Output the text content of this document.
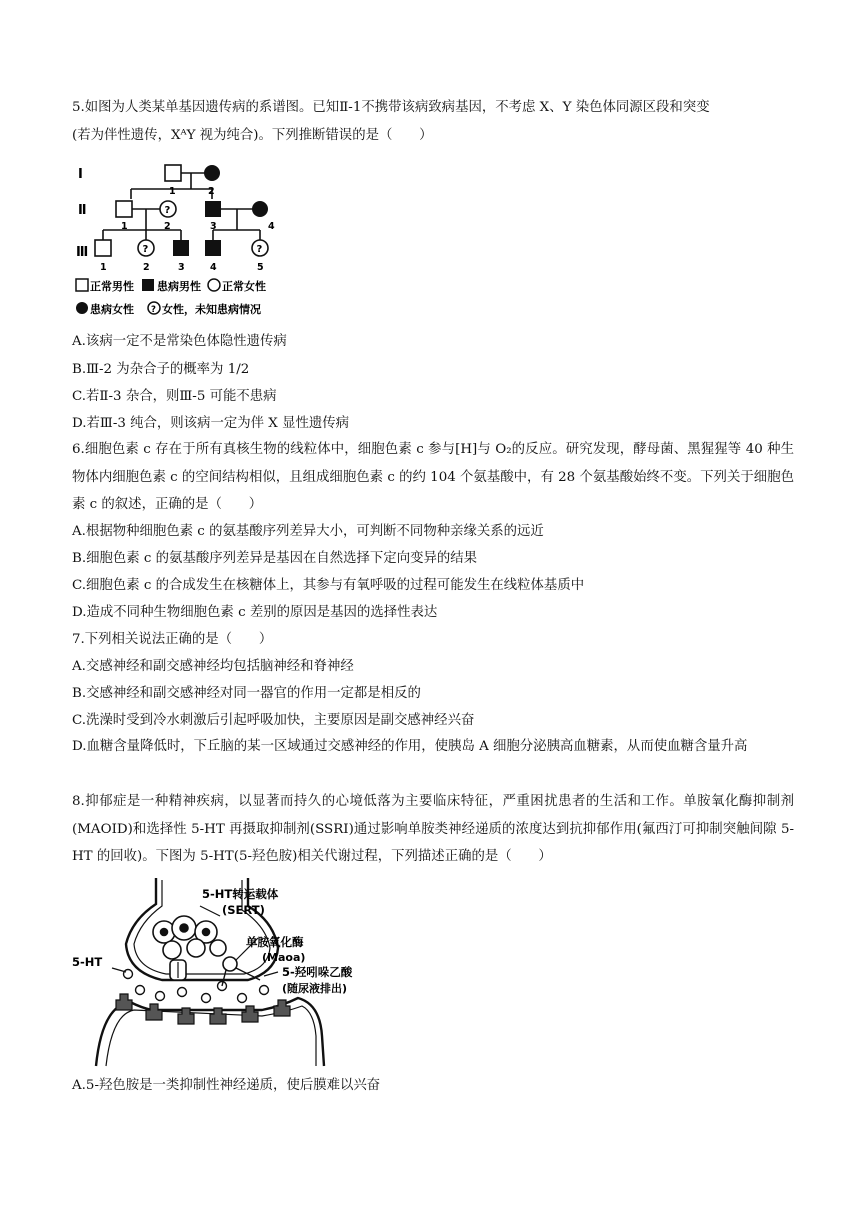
5.如图为人类某单基因遗传病的系谱图。已知Ⅱ-1不携带该病致病基因，不考虑 X、Y 染色体同源区段和突变
(若为伴性遗传，XᴬY 视为纯合)。下列推断错误的是（　　）
Ⅰ
Ⅱ
Ⅲ
1	2
?
1	2	3	4
?	?
1	2	3	4	5
正常男性 患病男性 正常女性
患病女性 ? 女性，未知患病情况
A.该病一定不是常染色体隐性遗传病
B.Ⅲ-2 为杂合子的概率为 1/2
C.若Ⅱ-3 杂合，则Ⅲ-5 可能不患病
D.若Ⅲ-3 纯合，则该病一定为伴 X 显性遗传病
6.细胞色素 c 存在于所有真核生物的线粒体中，细胞色素 c 参与[H]与 O₂的反应。研究发现，酵母菌、黑猩猩等 40 种生物体内细胞色素 c 的空间结构相似，且组成细胞色素 c 的约 104 个氨基酸中，有 28 个氨基酸始终不变。下列关于细胞色素 c 的叙述，正确的是（　　）
A.根据物种细胞色素 c 的氨基酸序列差异大小，可判断不同物种亲缘关系的远近
B.细胞色素 c 的氨基酸序列差异是基因在自然选择下定向变异的结果
C.细胞色素 c 的合成发生在核糖体上，其参与有氧呼吸的过程可能发生在线粒体基质中
D.造成不同种生物细胞色素 c 差别的原因是基因的选择性表达
7.下列相关说法正确的是（　　）
A.交感神经和副交感神经均包括脑神经和脊神经
B.交感神经和副交感神经对同一器官的作用一定都是相反的
C.洗澡时受到冷水刺激后引起呼吸加快，主要原因是副交感神经兴奋
D.血糖含量降低时，下丘脑的某一区域通过交感神经的作用，使胰岛 A 细胞分泌胰高血糖素，从而使血糖含量升高
8.抑郁症是一种精神疾病，以显著而持久的心境低落为主要临床特征，严重困扰患者的生活和工作。单胺氧化酶抑制剂(MAOID)和选择性 5-HT 再摄取抑制剂(SSRI)通过影响单胺类神经递质的浓度达到抗抑郁作用(氟西汀可抑制突触间隙 5-HT 的回收)。下图为 5-HT(5-羟色胺)相关代谢过程，下列描述正确的是（　　）
5-HT转运载体
(SERT)
单胺氧化酶
(Maoa)
5-HT
5-羟吲哚乙酸
(随尿液排出)
A.5-羟色胺是一类抑制性神经递质，使后膜难以兴奋
